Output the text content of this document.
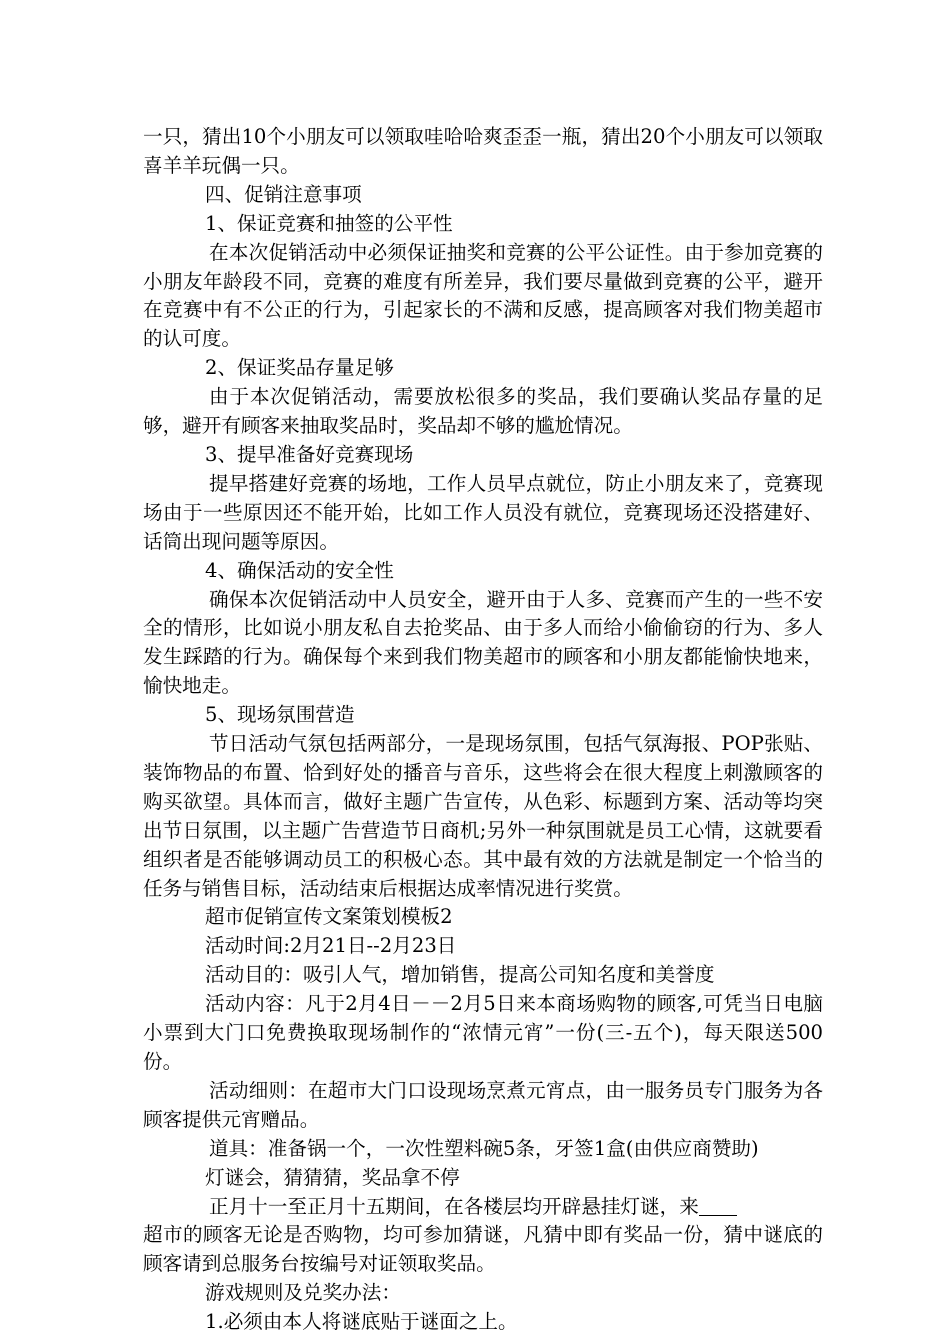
一只，猜出10个小朋友可以领取哇哈哈爽歪歪一瓶，猜出20个小朋友可以领取喜羊羊玩偶一只。

四、促销注意事项

1、保证竞赛和抽签的公平性

在本次促销活动中必须保证抽奖和竞赛的公平公证性。由于参加竞赛的小朋友年龄段不同，竞赛的难度有所差异，我们要尽量做到竞赛的公平，避开在竞赛中有不公正的行为，引起家长的不满和反感，提高顾客对我们物美超市的认可度。

2、保证奖品存量足够

由于本次促销活动，需要放松很多的奖品，我们要确认奖品存量的足够，避开有顾客来抽取奖品时，奖品却不够的尴尬情况。

3、提早准备好竞赛现场

提早搭建好竞赛的场地，工作人员早点就位，防止小朋友来了，竞赛现场由于一些原因还不能开始，比如工作人员没有就位，竞赛现场还没搭建好、话筒出现问题等原因。

4、确保活动的安全性

确保本次促销活动中人员安全，避开由于人多、竞赛而产生的一些不安全的情形，比如说小朋友私自去抢奖品、由于多人而给小偷偷窃的行为、多人发生踩踏的行为。确保每个来到我们物美超市的顾客和小朋友都能愉快地来，愉快地走。

5、现场氛围营造

节日活动气氛包括两部分，一是现场氛围，包括气氛海报、POP张贴、装饰物品的布置、恰到好处的播音与音乐，这些将会在很大程度上刺激顾客的购买欲望。具体而言，做好主题广告宣传，从色彩、标题到方案、活动等均突出节日氛围，以主题广告营造节日商机;另外一种氛围就是员工心情，这就要看组织者是否能够调动员工的积极心态。其中最有效的方法就是制定一个恰当的任务与销售目标，活动结束后根据达成率情况进行奖赏。

超市促销宣传文案策划模板2

活动时间:2月21日--2月23日

活动目的：吸引人气，增加销售，提高公司知名度和美誉度

活动内容：凡于2月4日－－2月5日来本商场购物的顾客,可凭当日电脑小票到大门口免费换取现场制作的“浓情元宵”一份(三-五个)，每天限送500份。

活动细则：在超市大门口设现场烹煮元宵点，由一服务员专门服务为各顾客提供元宵赠品。

道具：准备锅一个，一次性塑料碗5条，牙签1盒(由供应商赞助)

灯谜会，猜猜猜，奖品拿不停

正月十一至正月十五期间，在各楼层均开辟悬挂灯谜，来

超市的顾客无论是否购物，均可参加猜谜，凡猜中即有奖品一份，猜中谜底的顾客请到总服务台按编号对证领取奖品。

游戏规则及兑奖办法：

1.必须由本人将谜底贴于谜面之上。
